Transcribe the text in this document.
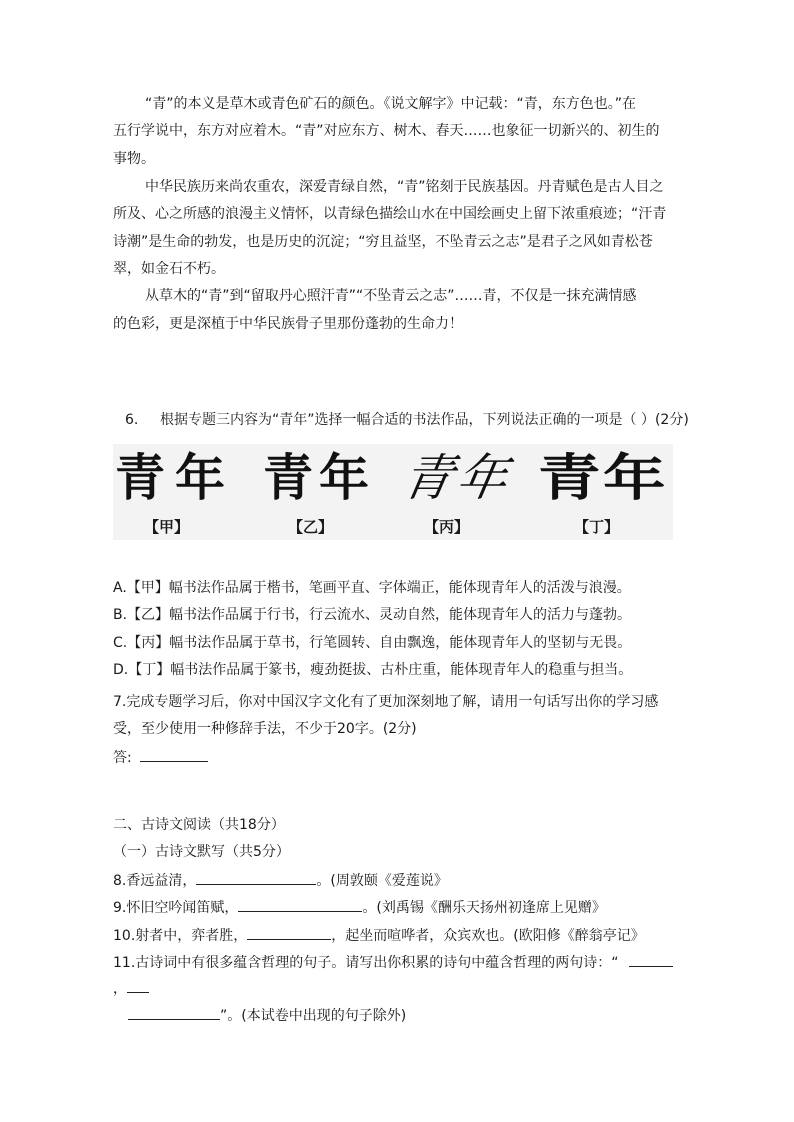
“青”的本义是草木或青色矿石的颜色。《说文解字》中记载：“青，东方色也。”在
五行学说中，东方对应着木。“青”对应东方、树木、春天……也象征一切新兴的、初生的
事物。
中华民族历来尚农重农，深爱青绿自然，“青”铭刻于民族基因。丹青赋色是古人目之
所及、心之所感的浪漫主义情怀，以青绿色描绘山水在中国绘画史上留下浓重痕迹；“汗青
诗潮”是生命的勃发，也是历史的沉淀；“穷且益坚，不坠青云之志”是君子之风如青松苍
翠，如金石不朽。
从草木的“青”到“留取丹心照汗青”“不坠青云之志”……青，不仅是一抹充满情感
的色彩，更是深植于中华民族骨子里那份蓬勃的生命力！
6. 根据专题三内容为“青年”选择一幅合适的书法作品，下列说法正确的一项是（ ）(2分)
青年 青年 青年 青年
【甲】	【乙】	【丙】	【丁】
A.【甲】幅书法作品属于楷书，笔画平直、字体端正，能体现青年人的活泼与浪漫。
B.【乙】幅书法作品属于行书，行云流水、灵动自然，能体现青年人的活力与蓬勃。
C.【丙】幅书法作品属于草书，行笔圆转、自由飘逸，能体现青年人的坚韧与无畏。
D.【丁】幅书法作品属于篆书，瘦劲挺拔、古朴庄重，能体现青年人的稳重与担当。
7.完成专题学习后，你对中国汉字文化有了更加深刻地了解，请用一句话写出你的学习感
受，至少使用一种修辞手法，不少于20字。(2分)
答:
二、古诗文阅读（共18分）
（一）古诗文默写（共5分）
8.香远益清，	。(周敦颐《爱莲说》
9.怀旧空吟闻笛赋，	。(刘禹锡《酬乐天扬州初逢席上见赠》
10.射者中，弈者胜，	，起坐而喧哗者，众宾欢也。(欧阳修《醉翁亭记》
11.古诗词中有很多蕴含哲理的句子。请写出你积累的诗句中蕴含哲理的两句诗：“
，
”。(本试卷中出现的句子除外)
